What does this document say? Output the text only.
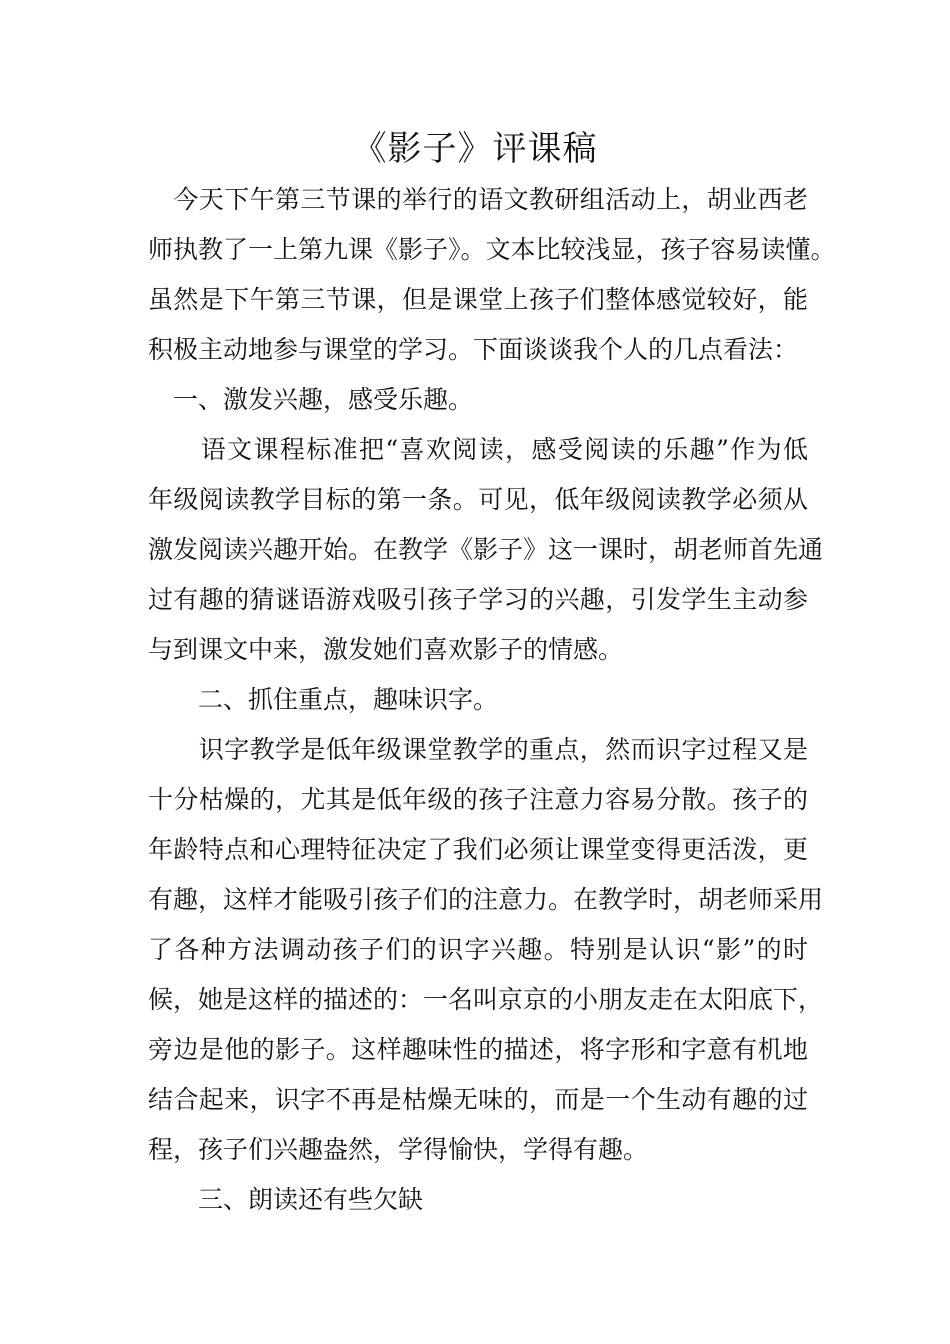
《影子》评课稿
　今天下午第三节课的举行的语文教研组活动上，胡业西老
师执教了一上第九课《影子》。文本比较浅显，孩子容易读懂。
虽然是下午第三节课，但是课堂上孩子们整体感觉较好，能
积极主动地参与课堂的学习。下面谈谈我个人的几点看法：
　一、激发兴趣，感受乐趣。
　　语文课程标准把“喜欢阅读，感受阅读的乐趣”作为低
年级阅读教学目标的第一条。可见，低年级阅读教学必须从
激发阅读兴趣开始。在教学《影子》这一课时，胡老师首先通
过有趣的猜谜语游戏吸引孩子学习的兴趣，引发学生主动参
与到课文中来，激发她们喜欢影子的情感。
　　二、抓住重点，趣味识字。
　　识字教学是低年级课堂教学的重点，然而识字过程又是
十分枯燥的，尤其是低年级的孩子注意力容易分散。孩子的
年龄特点和心理特征决定了我们必须让课堂变得更活泼，更
有趣，这样才能吸引孩子们的注意力。在教学时，胡老师采用
了各种方法调动孩子们的识字兴趣。特别是认识“影”的时
候，她是这样的描述的：一名叫京京的小朋友走在太阳底下，
旁边是他的影子。这样趣味性的描述，将字形和字意有机地
结合起来，识字不再是枯燥无味的，而是一个生动有趣的过
程，孩子们兴趣盎然，学得愉快，学得有趣。
　　三、朗读还有些欠缺
